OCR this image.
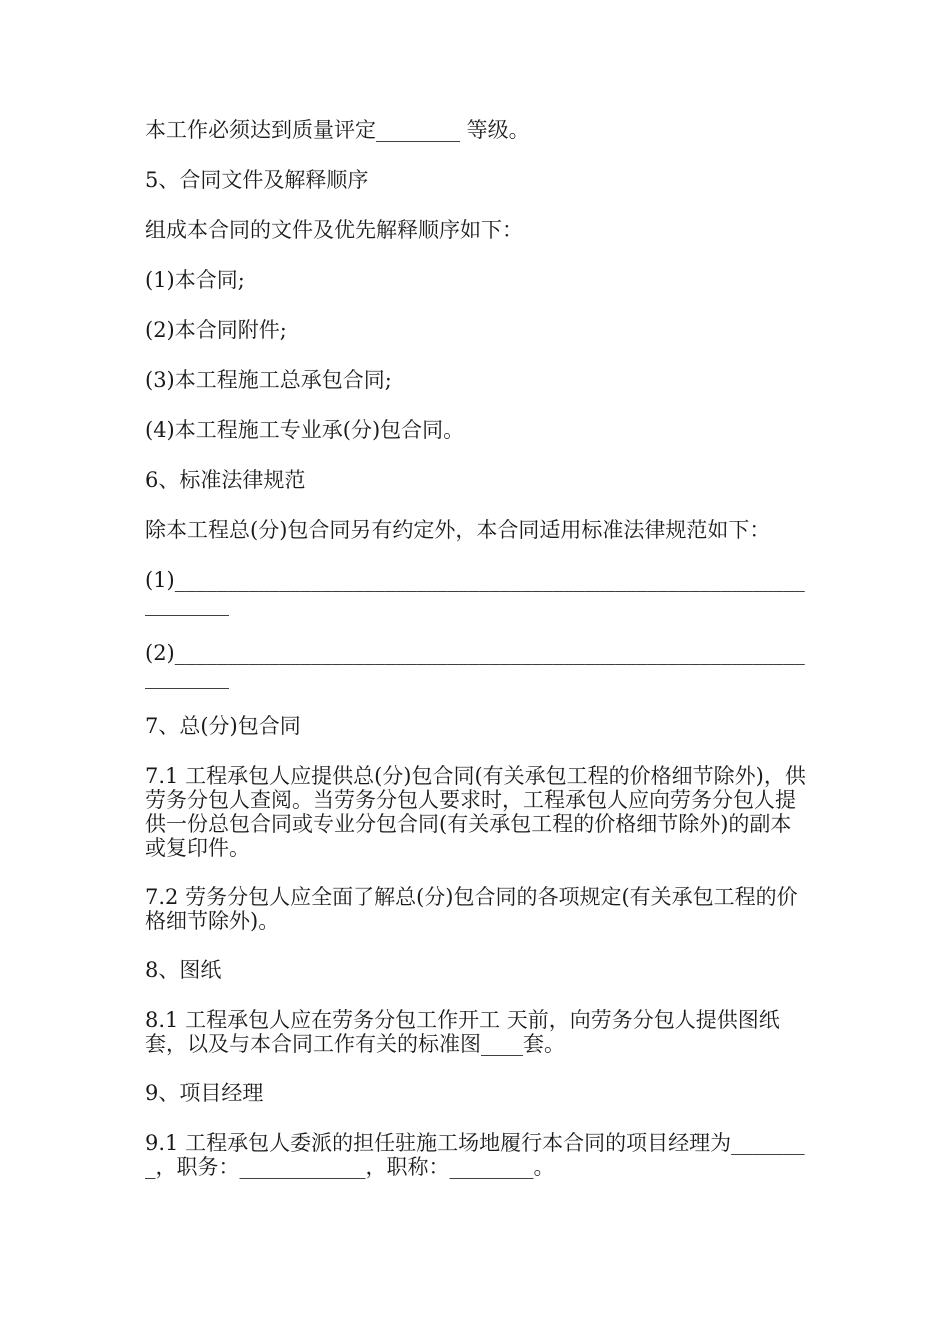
本工作必须达到质量评定________ 等级。

5、合同文件及解释顺序

组成本合同的文件及优先解释顺序如下：

(1)本合同;

(2)本合同附件;

(3)本工程施工总承包合同;

(4)本工程施工专业承(分)包合同。

6、标准法律规范

除本工程总(分)包合同另有约定外，本合同适用标准法律规范如下：

(1)____________________________________________________________________

(2)____________________________________________________________________

7、总(分)包合同

7.1 工程承包人应提供总(分)包合同(有关承包工程的价格细节除外)，供劳务分包人查阅。当劳务分包人要求时，工程承包人应向劳务分包人提供一份总包合同或专业分包合同(有关承包工程的价格细节除外)的副本或复印件。

7.2 劳务分包人应全面了解总(分)包合同的各项规定(有关承包工程的价格细节除外)。

8、图纸

8.1 工程承包人应在劳务分包工作开工 天前，向劳务分包人提供图纸 套，以及与本合同工作有关的标准图____套。

9、项目经理

9.1 工程承包人委派的担任驻施工场地履行本合同的项目经理为________，职务：____________，职称：________。
